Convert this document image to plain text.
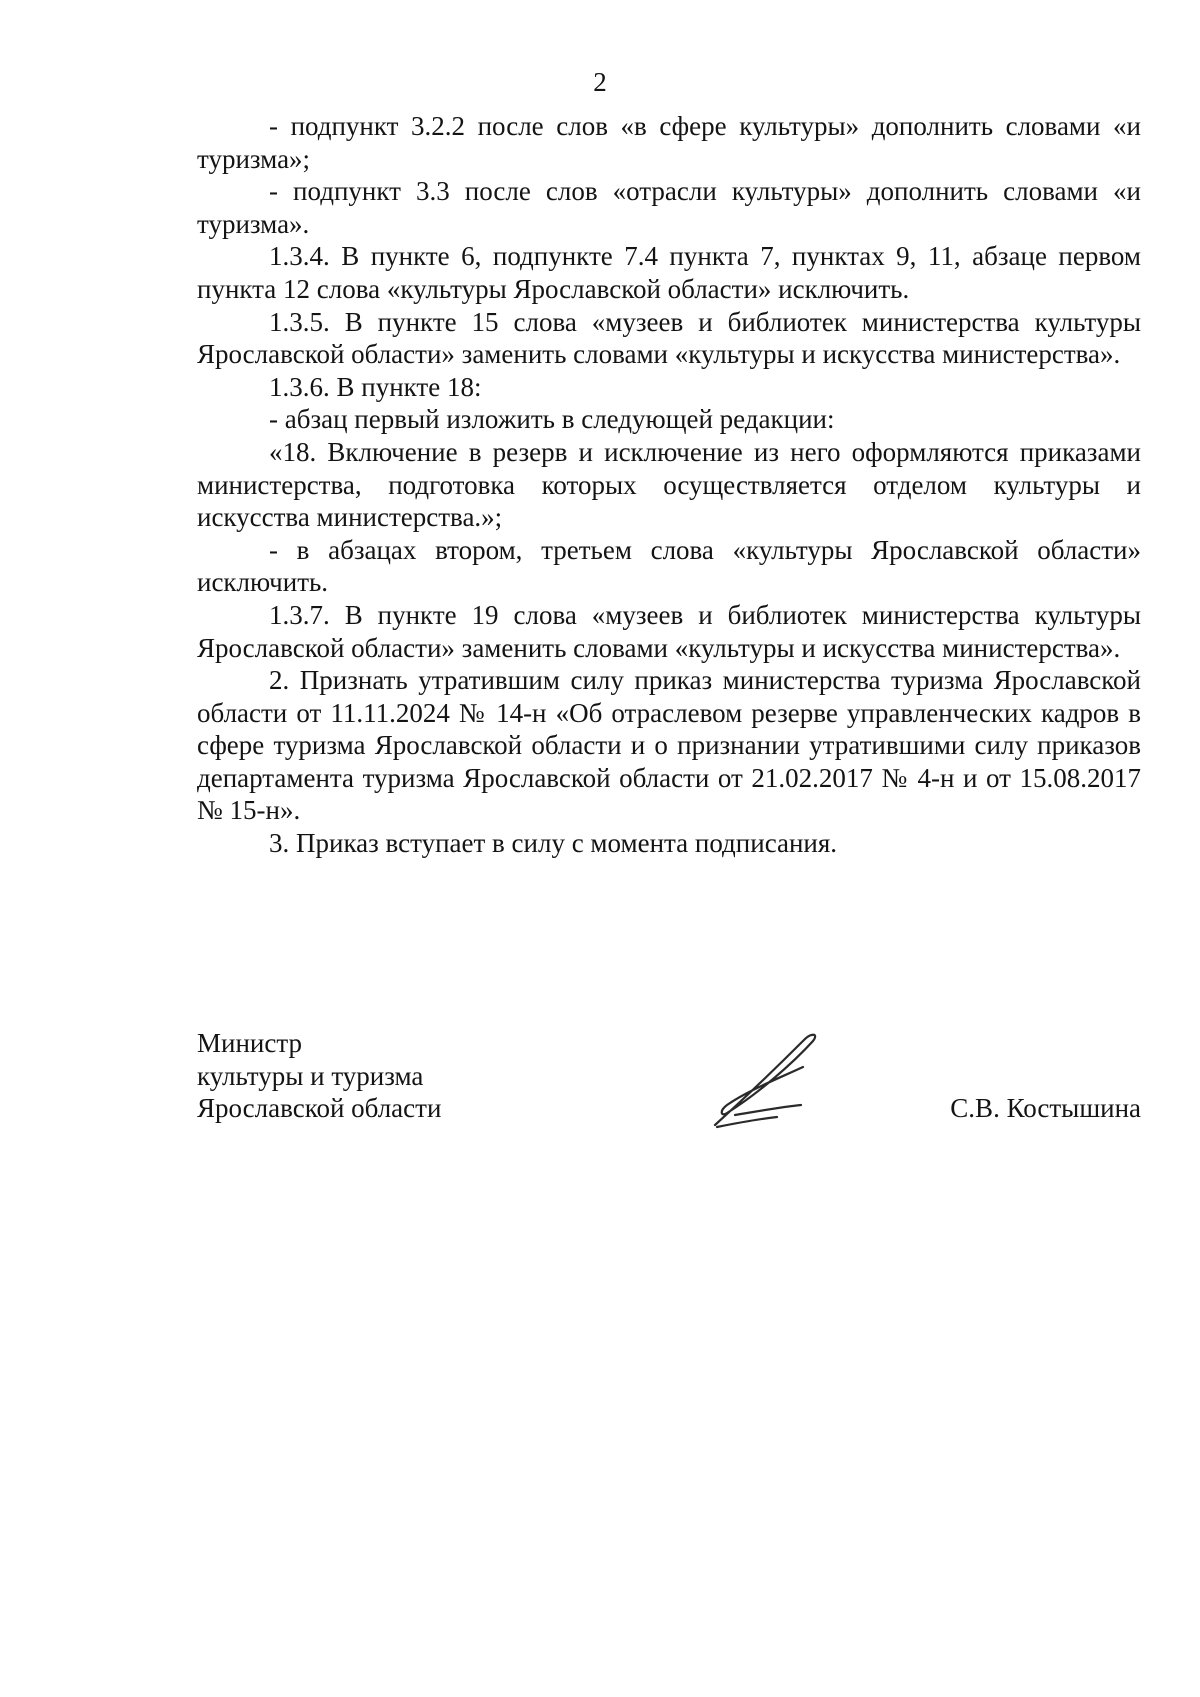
2

- подпункт 3.2.2 после слов «в сфере культуры» дополнить словами «и туризма»;

- подпункт 3.3 после слов «отрасли культуры» дополнить словами «и туризма».

1.3.4. В пункте 6, подпункте 7.4 пункта 7, пунктах 9, 11, абзаце первом пункта 12 слова «культуры Ярославской области» исключить.

1.3.5. В пункте 15 слова «музеев и библиотек министерства культуры Ярославской области» заменить словами «культуры и искусства министерства».

1.3.6. В пункте 18:

- абзац первый изложить в следующей редакции:

«18. Включение в резерв и исключение из него оформляются приказами министерства, подготовка которых осуществляется отделом культуры и искусства министерства.»;

- в абзацах втором, третьем слова «культуры Ярославской области» исключить.

1.3.7. В пункте 19 слова «музеев и библиотек министерства культуры Ярославской области» заменить словами «культуры и искусства министерства».

2. Признать утратившим силу приказ министерства туризма Ярославской области от 11.11.2024 № 14-н «Об отраслевом резерве управленческих кадров в сфере туризма Ярославской области и о признании утратившими силу приказов департамента туризма Ярославской области от 21.02.2017 № 4-н и от 15.08.2017 № 15-н».

3. Приказ вступает в силу с момента подписания.

Министр
культуры и туризма
Ярославской области	С.В. Костышина
